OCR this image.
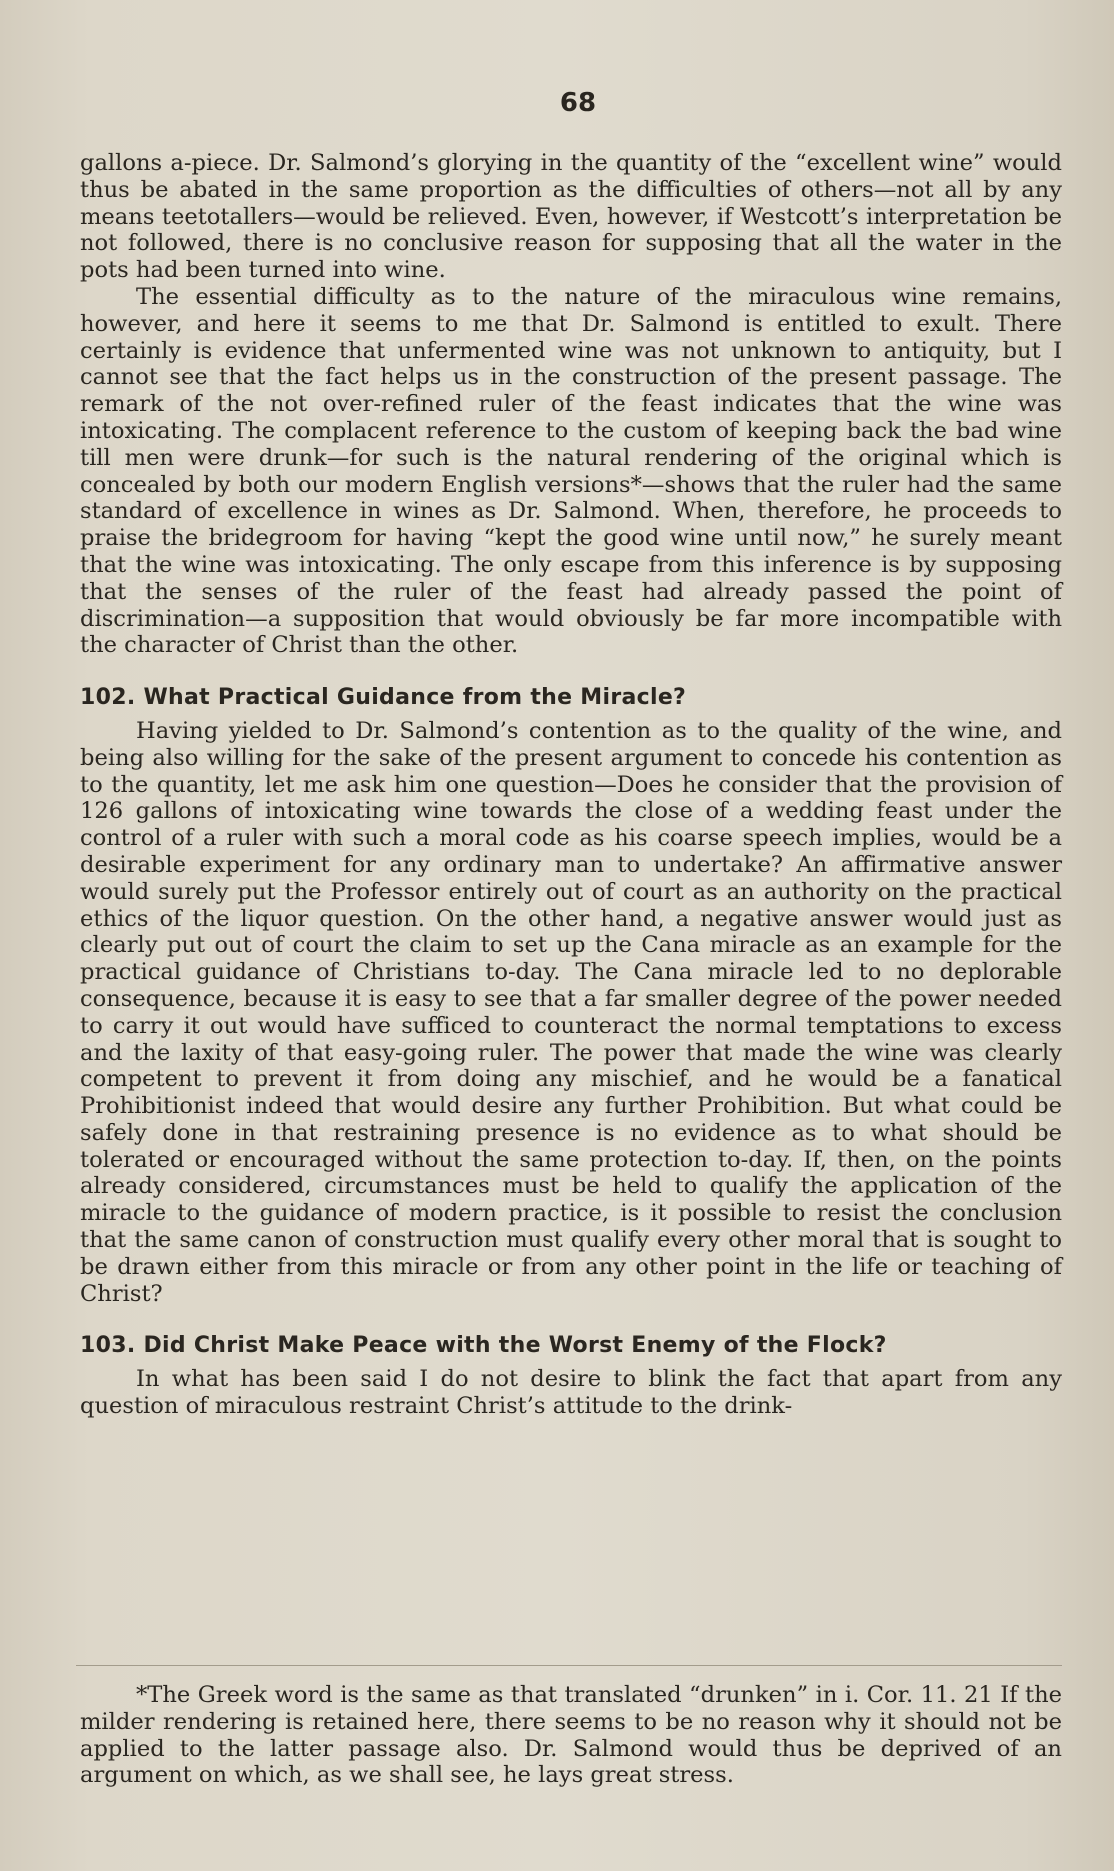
68

gallons a-piece. Dr. Salmond’s glorying in the quantity of the “excellent wine” would thus be abated in the same proportion as the difficulties of others—not all by any means teetotallers—would be relieved. Even, however, if Westcott’s interpretation be not followed, there is no conclusive reason for supposing that all the water in the pots had been turned into wine.

The essential difficulty as to the nature of the miraculous wine remains, however, and here it seems to me that Dr. Salmond is entitled to exult. There certainly is evidence that unfermented wine was not unknown to antiquity, but I cannot see that the fact helps us in the construction of the present passage. The remark of the not over-refined ruler of the feast indicates that the wine was intoxicating. The complacent reference to the custom of keeping back the bad wine till men were drunk—for such is the natural rendering of the original which is concealed by both our modern English versions*—shows that the ruler had the same standard of excellence in wines as Dr. Salmond. When, therefore, he proceeds to praise the bridegroom for having “kept the good wine until now,” he surely meant that the wine was intoxicating. The only escape from this inference is by supposing that the senses of the ruler of the feast had already passed the point of discrimination—a supposition that would obviously be far more incompatible with the character of Christ than the other.

102. What Practical Guidance from the Miracle?

Having yielded to Dr. Salmond’s contention as to the quality of the wine, and being also willing for the sake of the present argument to concede his contention as to the quantity, let me ask him one question—Does he consider that the provision of 126 gallons of intoxicating wine towards the close of a wedding feast under the control of a ruler with such a moral code as his coarse speech implies, would be a desirable experiment for any ordinary man to undertake? An affirmative answer would surely put the Professor entirely out of court as an authority on the practical ethics of the liquor question. On the other hand, a negative answer would just as clearly put out of court the claim to set up the Cana miracle as an example for the practical guidance of Christians to-day. The Cana miracle led to no deplorable consequence, because it is easy to see that a far smaller degree of the power needed to carry it out would have sufficed to counteract the normal temptations to excess and the laxity of that easy-going ruler. The power that made the wine was clearly competent to prevent it from doing any mischief, and he would be a fanatical Prohibitionist indeed that would desire any further Prohibition. But what could be safely done in that restraining presence is no evidence as to what should be tolerated or encouraged without the same protection to-day. If, then, on the points already considered, circumstances must be held to qualify the application of the miracle to the guidance of modern practice, is it possible to resist the conclusion that the same canon of construction must qualify every other moral that is sought to be drawn either from this miracle or from any other point in the life or teaching of Christ?

103. Did Christ Make Peace with the Worst Enemy of the Flock?

In what has been said I do not desire to blink the fact that apart from any question of miraculous restraint Christ’s attitude to the drink-

*The Greek word is the same as that translated “drunken” in i. Cor. 11. 21 If the milder rendering is retained here, there seems to be no reason why it should not be applied to the latter passage also. Dr. Salmond would thus be deprived of an argument on which, as we shall see, he lays great stress.
